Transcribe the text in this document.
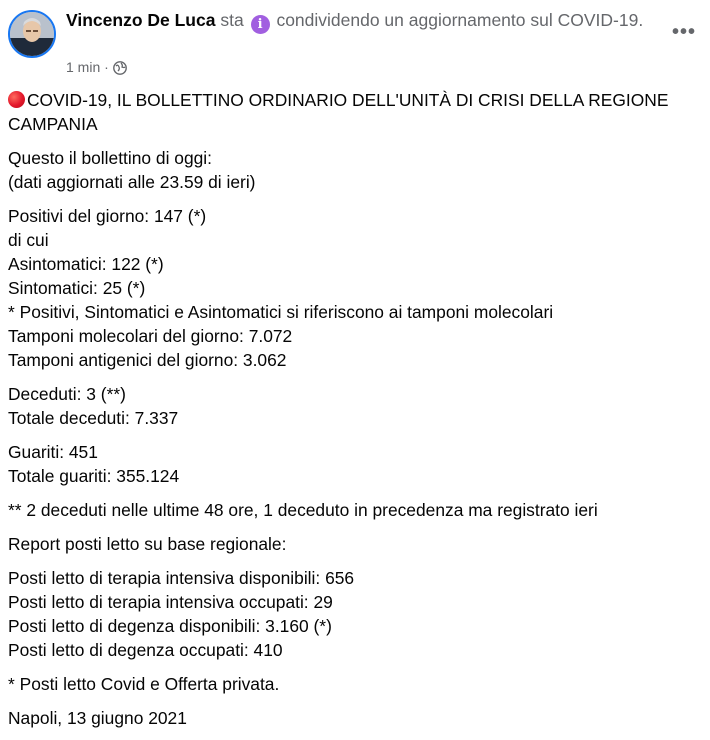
Vincenzo De Luca sta i condividendo un aggiornamento sul COVID-19.
1 min ·
•••

COVID-19, IL BOLLETTINO ORDINARIO DELL'UNITÀ DI CRISI DELLA REGIONE CAMPANIA

Questo il bollettino di oggi:
(dati aggiornati alle 23.59 di ieri)

Positivi del giorno: 147 (*)
di cui
Asintomatici: 122 (*)
Sintomatici: 25 (*)
* Positivi, Sintomatici e Asintomatici si riferiscono ai tamponi molecolari
Tamponi molecolari del giorno: 7.072
Tamponi antigenici del giorno: 3.062

Deceduti: 3 (**)
Totale deceduti: 7.337

Guariti: 451
Totale guariti: 355.124

** 2 deceduti nelle ultime 48 ore, 1 deceduto in precedenza ma registrato ieri

Report posti letto su base regionale:

Posti letto di terapia intensiva disponibili: 656
Posti letto di terapia intensiva occupati: 29
Posti letto di degenza disponibili: 3.160 (*)
Posti letto di degenza occupati: 410

* Posti letto Covid e Offerta privata.

Napoli, 13 giugno 2021
